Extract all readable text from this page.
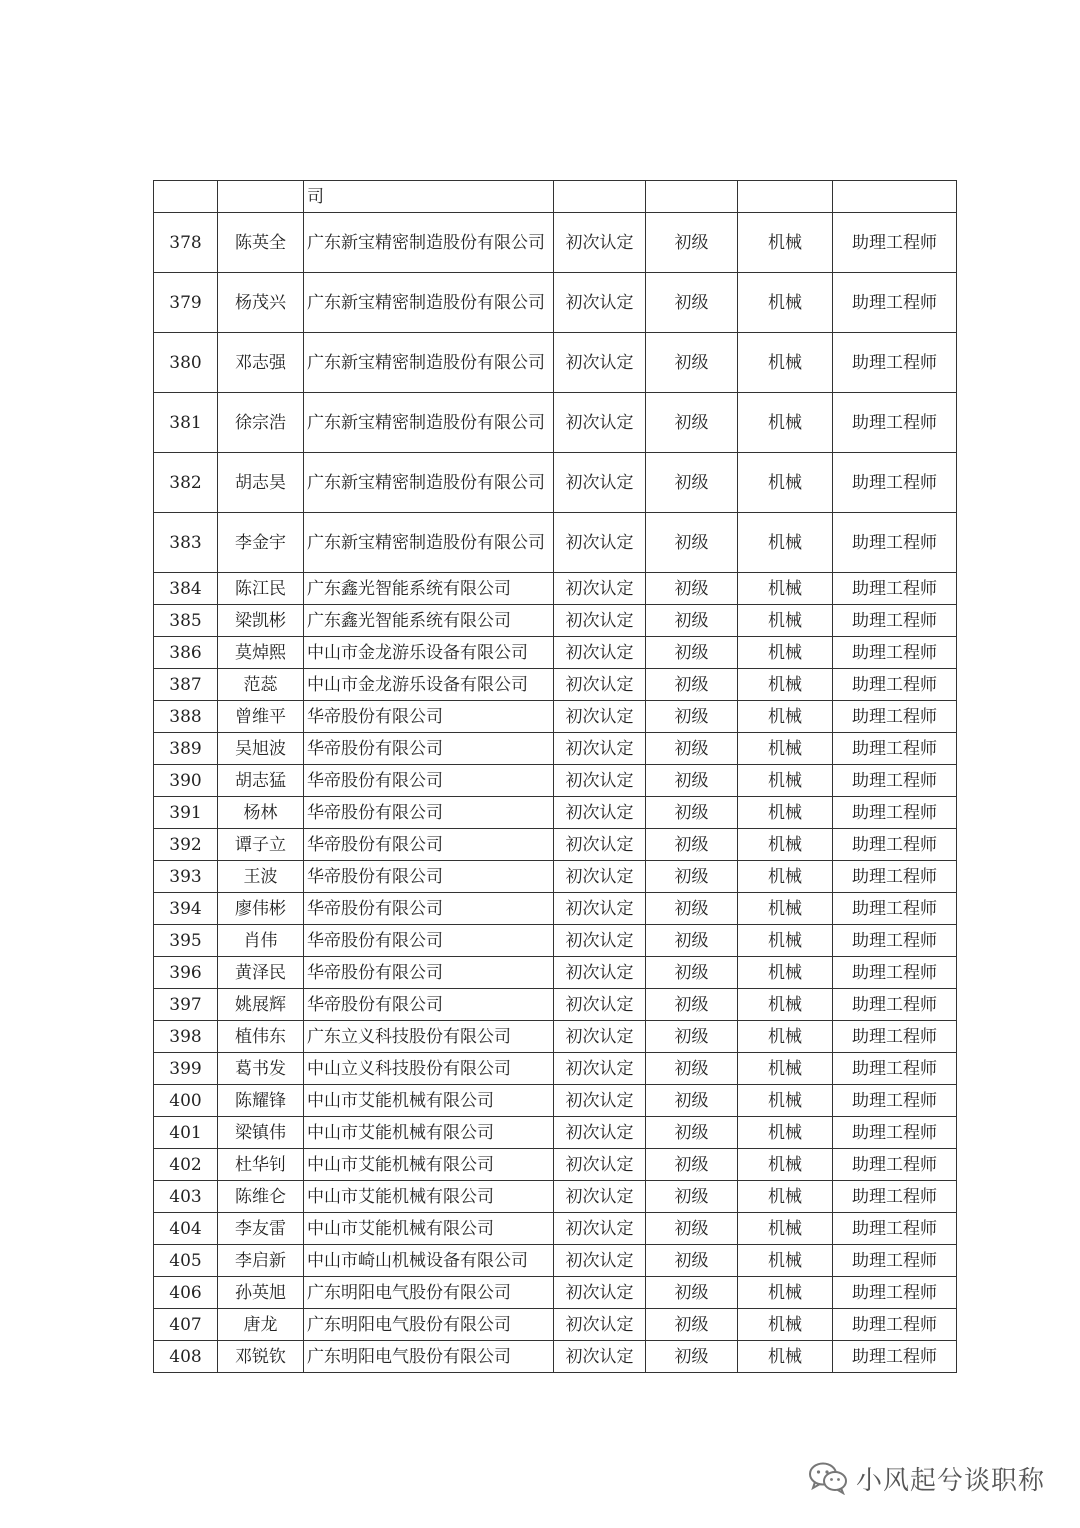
		司				
378	陈英全	广东新宝精密制造股份有限公司	初次认定	初级	机械	助理工程师
379	杨茂兴	广东新宝精密制造股份有限公司	初次认定	初级	机械	助理工程师
380	邓志强	广东新宝精密制造股份有限公司	初次认定	初级	机械	助理工程师
381	徐宗浩	广东新宝精密制造股份有限公司	初次认定	初级	机械	助理工程师
382	胡志昊	广东新宝精密制造股份有限公司	初次认定	初级	机械	助理工程师
383	李金宇	广东新宝精密制造股份有限公司	初次认定	初级	机械	助理工程师
384	陈江民	广东鑫光智能系统有限公司	初次认定	初级	机械	助理工程师
385	梁凯彬	广东鑫光智能系统有限公司	初次认定	初级	机械	助理工程师
386	莫焯熙	中山市金龙游乐设备有限公司	初次认定	初级	机械	助理工程师
387	范蕊	中山市金龙游乐设备有限公司	初次认定	初级	机械	助理工程师
388	曾维平	华帝股份有限公司	初次认定	初级	机械	助理工程师
389	吴旭波	华帝股份有限公司	初次认定	初级	机械	助理工程师
390	胡志猛	华帝股份有限公司	初次认定	初级	机械	助理工程师
391	杨林	华帝股份有限公司	初次认定	初级	机械	助理工程师
392	谭子立	华帝股份有限公司	初次认定	初级	机械	助理工程师
393	王波	华帝股份有限公司	初次认定	初级	机械	助理工程师
394	廖伟彬	华帝股份有限公司	初次认定	初级	机械	助理工程师
395	肖伟	华帝股份有限公司	初次认定	初级	机械	助理工程师
396	黄泽民	华帝股份有限公司	初次认定	初级	机械	助理工程师
397	姚展辉	华帝股份有限公司	初次认定	初级	机械	助理工程师
398	植伟东	广东立义科技股份有限公司	初次认定	初级	机械	助理工程师
399	葛书发	中山立义科技股份有限公司	初次认定	初级	机械	助理工程师
400	陈耀锋	中山市艾能机械有限公司	初次认定	初级	机械	助理工程师
401	梁镇伟	中山市艾能机械有限公司	初次认定	初级	机械	助理工程师
402	杜华钊	中山市艾能机械有限公司	初次认定	初级	机械	助理工程师
403	陈维仑	中山市艾能机械有限公司	初次认定	初级	机械	助理工程师
404	李友雷	中山市艾能机械有限公司	初次认定	初级	机械	助理工程师
405	李启新	中山市崎山机械设备有限公司	初次认定	初级	机械	助理工程师
406	孙英旭	广东明阳电气股份有限公司	初次认定	初级	机械	助理工程师
407	唐龙	广东明阳电气股份有限公司	初次认定	初级	机械	助理工程师
408	邓锐钦	广东明阳电气股份有限公司	初次认定	初级	机械	助理工程师
小风起兮谈职称
